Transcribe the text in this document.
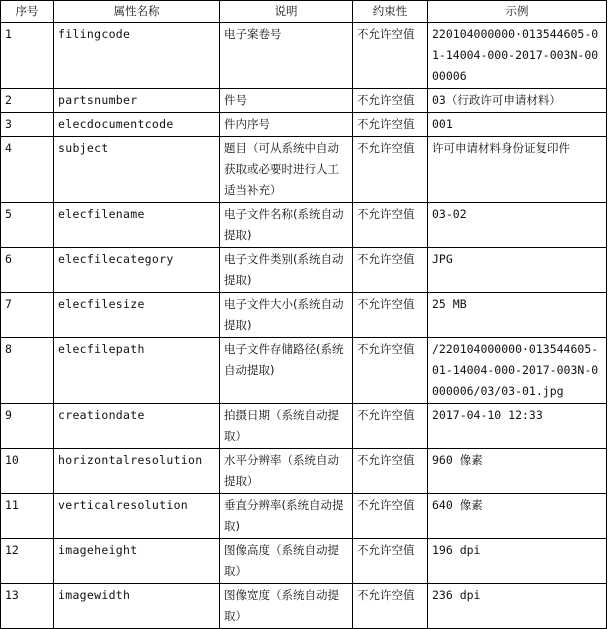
序号	属性名称	说明	约束性	示例
1	filingcode	电子案卷号	不允许空值	220104000000·013544605-01-14004-000-2017-003N-0000006
2	partsnumber	件号	不允许空值	03（行政许可申请材料）
3	elecdocumentcode	件内序号	不允许空值	001
4	subject	题目（可从系统中自动获取或必要时进行人工适当补充）	不允许空值	许可申请材料身份证复印件
5	elecfilename	电子文件名称(系统自动提取)	不允许空值	03-02
6	elecfilecategory	电子文件类别(系统自动提取)	不允许空值	JPG
7	elecfilesize	电子文件大小(系统自动提取)	不允许空值	25 MB
8	elecfilepath	电子文件存储路径(系统自动提取)	不允许空值	/220104000000·013544605-01-14004-000-2017-003N-0000006/03/03-01.jpg
9	creationdate	拍摄日期（系统自动提取）	不允许空值	2017-04-10 12:33
10	horizontalresolution	水平分辨率（系统自动提取）	不允许空值	960 像素
11	verticalresolution	垂直分辨率(系统自动提取)	不允许空值	640 像素
12	imageheight	图像高度（系统自动提取）	不允许空值	196 dpi
13	imagewidth	图像宽度（系统自动提取）	不允许空值	236 dpi
